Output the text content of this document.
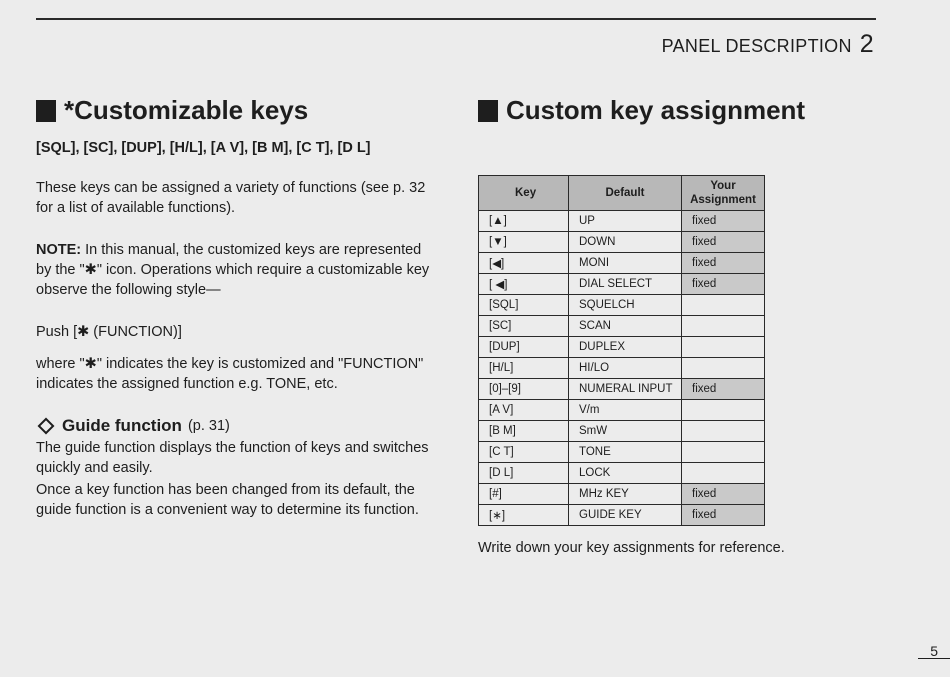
PANEL DESCRIPTION 2
*Customizable keys
[SQL], [SC], [DUP], [H/L], [A V], [B M], [C T], [D L]
These keys can be assigned a variety of functions (see p. 32 for a list of available functions).
NOTE: In this manual, the customized keys are represented by the "✱" icon. Operations which require a customizable key observe the following style—
Push [✱ (FUNCTION)]
where "✱" indicates the key is customized and "FUNCTION" indicates the assigned function e.g. TONE, etc.
Guide function (p. 31)
The guide function displays the function of keys and switches quickly and easily.
Once a key function has been changed from its default, the guide function is a convenient way to determine its function.
Custom key assignment
Key	Default	Your
Assignment
[▲]	UP	fixed
[▼]	DOWN	fixed
[◀]	MONI	fixed
[ ◀]	DIAL SELECT	fixed
[SQL]	SQUELCH	
[SC]	SCAN	
[DUP]	DUPLEX	
[H/L]	HI/LO	
[0]–[9]	NUMERAL INPUT	fixed
[A V]	V/m	
[B M]	SmW	
[C T]	TONE	
[D L]	LOCK	
[#]	MHz KEY	fixed
[∗]	GUIDE KEY	fixed
Write down your key assignments for reference.
5
